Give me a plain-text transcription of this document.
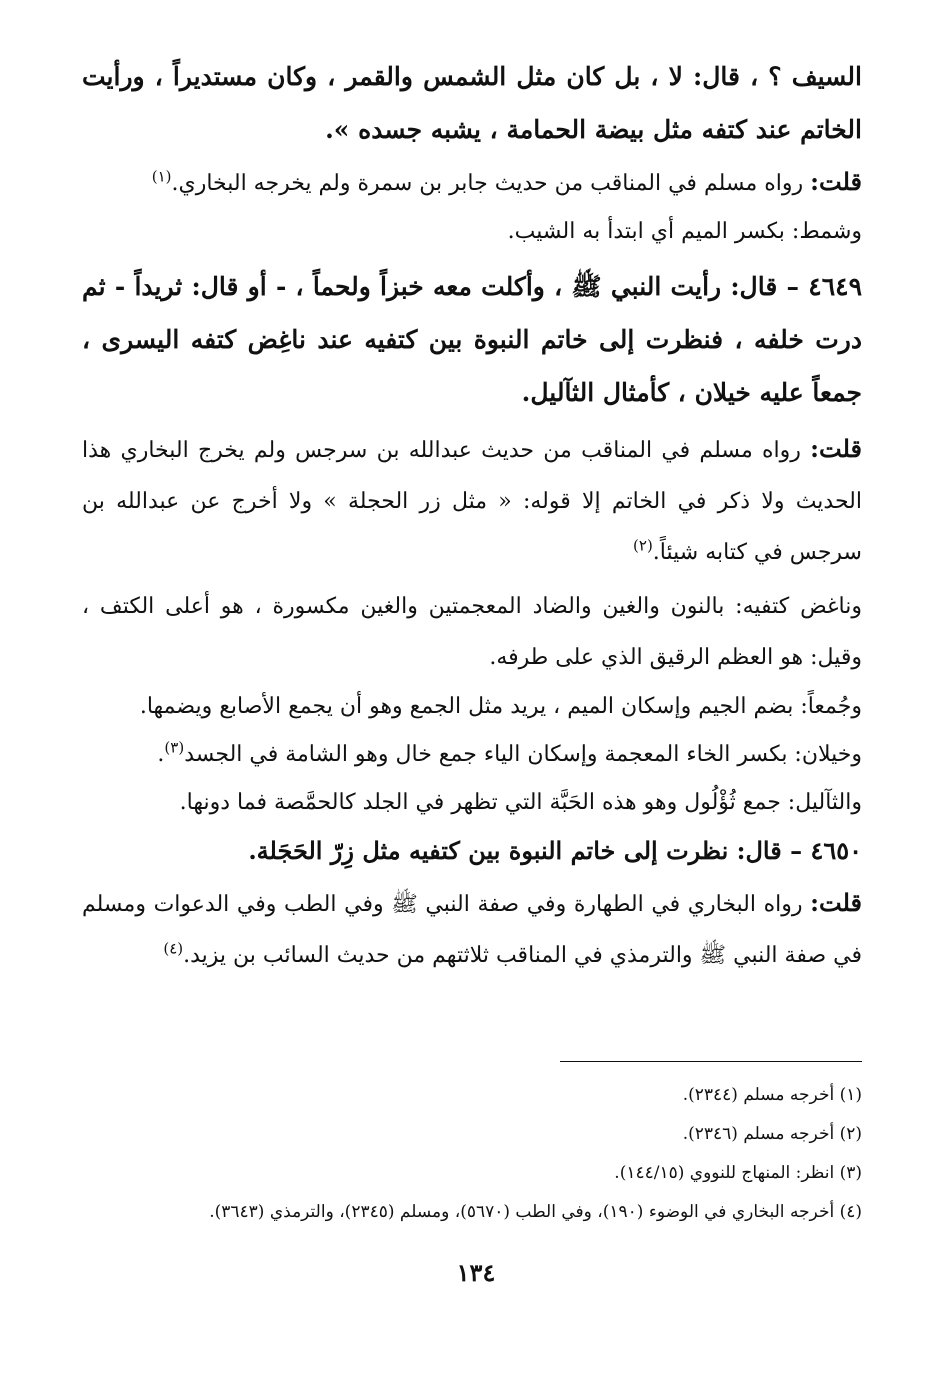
السيف ؟ ، قال: لا ، بل كان مثل الشمس والقمر ، وكان مستديراً ، ورأيت الخاتم عند كتفه مثل بيضة الحمامة ، يشبه جسده ».

قلت: رواه مسلم في المناقب من حديث جابر بن سمرة ولم يخرجه البخاري.$^{(١)}$

وشمط: بكسر الميم أي ابتدأ به الشيب.

٤٦٤٩ – قال: رأيت النبي ﷺ ، وأكلت معه خبزاً ولحماً ، - أو قال: ثريداً - ثم درت خلفه ، فنظرت إلى خاتم النبوة بين كتفيه عند ناغِض كتفه اليسرى ، جمعاً عليه خيلان ، كأمثال الثآليل.

قلت: رواه مسلم في المناقب من حديث عبدالله بن سرجس ولم يخرج البخاري هذا الحديث ولا ذكر في الخاتم إلا قوله: « مثل زر الحجلة » ولا أخرج عن عبدالله بن سرجس في كتابه شيئاً.$^{(٢)}$

وناغض كتفيه: بالنون والغين والضاد المعجمتين والغين مكسورة ، هو أعلى الكتف ، وقيل: هو العظم الرقيق الذي على طرفه.

وجُمعاً: بضم الجيم وإسكان الميم ، يريد مثل الجمع وهو أن يجمع الأصابع ويضمها.

وخيلان: بكسر الخاء المعجمة وإسكان الياء جمع خال وهو الشامة في الجسد$^{(٣)}$.

والثآليل: جمع ثُؤْلُول وهو هذه الحَبَّة التي تظهر في الجلد كالحمَّصة فما دونها.

٤٦٥٠ – قال: نظرت إلى خاتم النبوة بين كتفيه مثل زِرّ الحَجَلة.

قلت: رواه البخاري في الطهارة وفي صفة النبي ﷺ وفي الطب وفي الدعوات ومسلم في صفة النبي ﷺ والترمذي في المناقب ثلاثتهم من حديث السائب بن يزيد.$^{(٤)}$

(١) أخرجه مسلم (٢٣٤٤).
(٢) أخرجه مسلم (٢٣٤٦).
(٣) انظر: المنهاج للنووي (١٤٤/١٥).
(٤) أخرجه البخاري في الوضوء (١٩٠)، وفي الطب (٥٦٧٠)، ومسلم (٢٣٤٥)، والترمذي (٣٦٤٣).
١٣٤
